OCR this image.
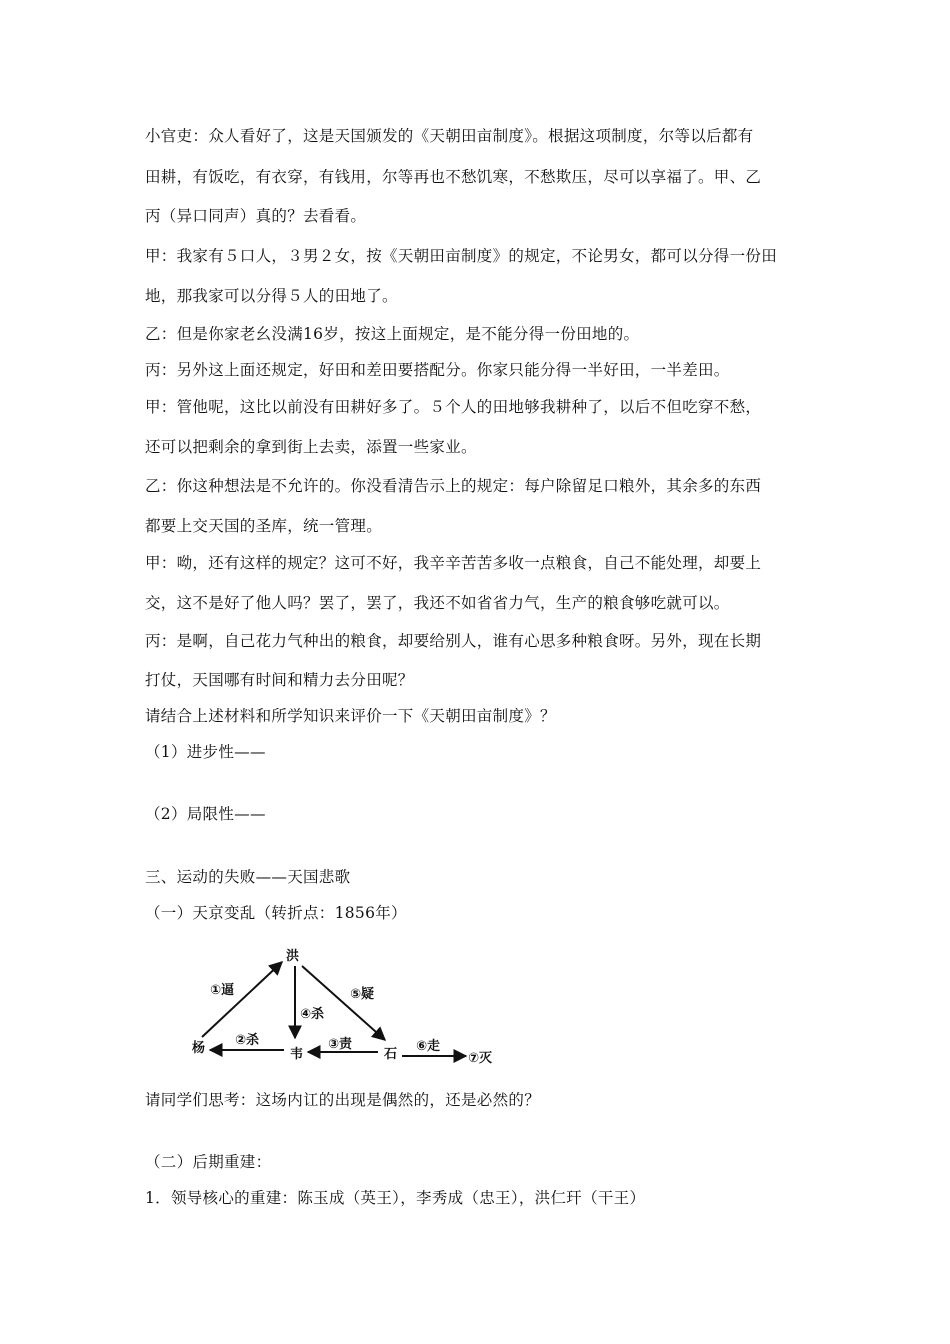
小官吏：众人看好了，这是天国颁发的《天朝田亩制度》。根据这项制度，尔等以后都有
田耕，有饭吃，有衣穿，有钱用，尔等再也不愁饥寒，不愁欺压，尽可以享福了。甲、乙
丙（异口同声）真的？去看看。
甲：我家有５口人，３男２女，按《天朝田亩制度》的规定，不论男女，都可以分得一份田
地，那我家可以分得５人的田地了。
乙：但是你家老幺没满16岁，按这上面规定，是不能分得一份田地的。
丙：另外这上面还规定，好田和差田要搭配分。你家只能分得一半好田，一半差田。
甲：管他呢，这比以前没有田耕好多了。５个人的田地够我耕种了，以后不但吃穿不愁，
还可以把剩余的拿到街上去卖，添置一些家业。
乙：你这种想法是不允许的。你没看清告示上的规定：每户除留足口粮外，其余多的东西
都要上交天国的圣库，统一管理。
甲：呦，还有这样的规定？这可不好，我辛辛苦苦多收一点粮食，自己不能处理，却要上
交，这不是好了他人吗？罢了，罢了，我还不如省省力气，生产的粮食够吃就可以。
丙：是啊，自己花力气种出的粮食，却要给别人，谁有心思多种粮食呀。另外，现在长期
打仗，天国哪有时间和精力去分田呢？
请结合上述材料和所学知识来评价一下《天朝田亩制度》？
（1）进步性——
（2）局限性——
三、运动的失败——天国悲歌
（一）天京变乱（转折点：1856年）
洪
杨	韦	石	⑦灭
①逼
②杀	③责
④杀
⑤疑
⑥走
请同学们思考：这场内讧的出现是偶然的，还是必然的？
（二）后期重建：
1．领导核心的重建：陈玉成（英王），李秀成（忠王），洪仁玕（干王）
